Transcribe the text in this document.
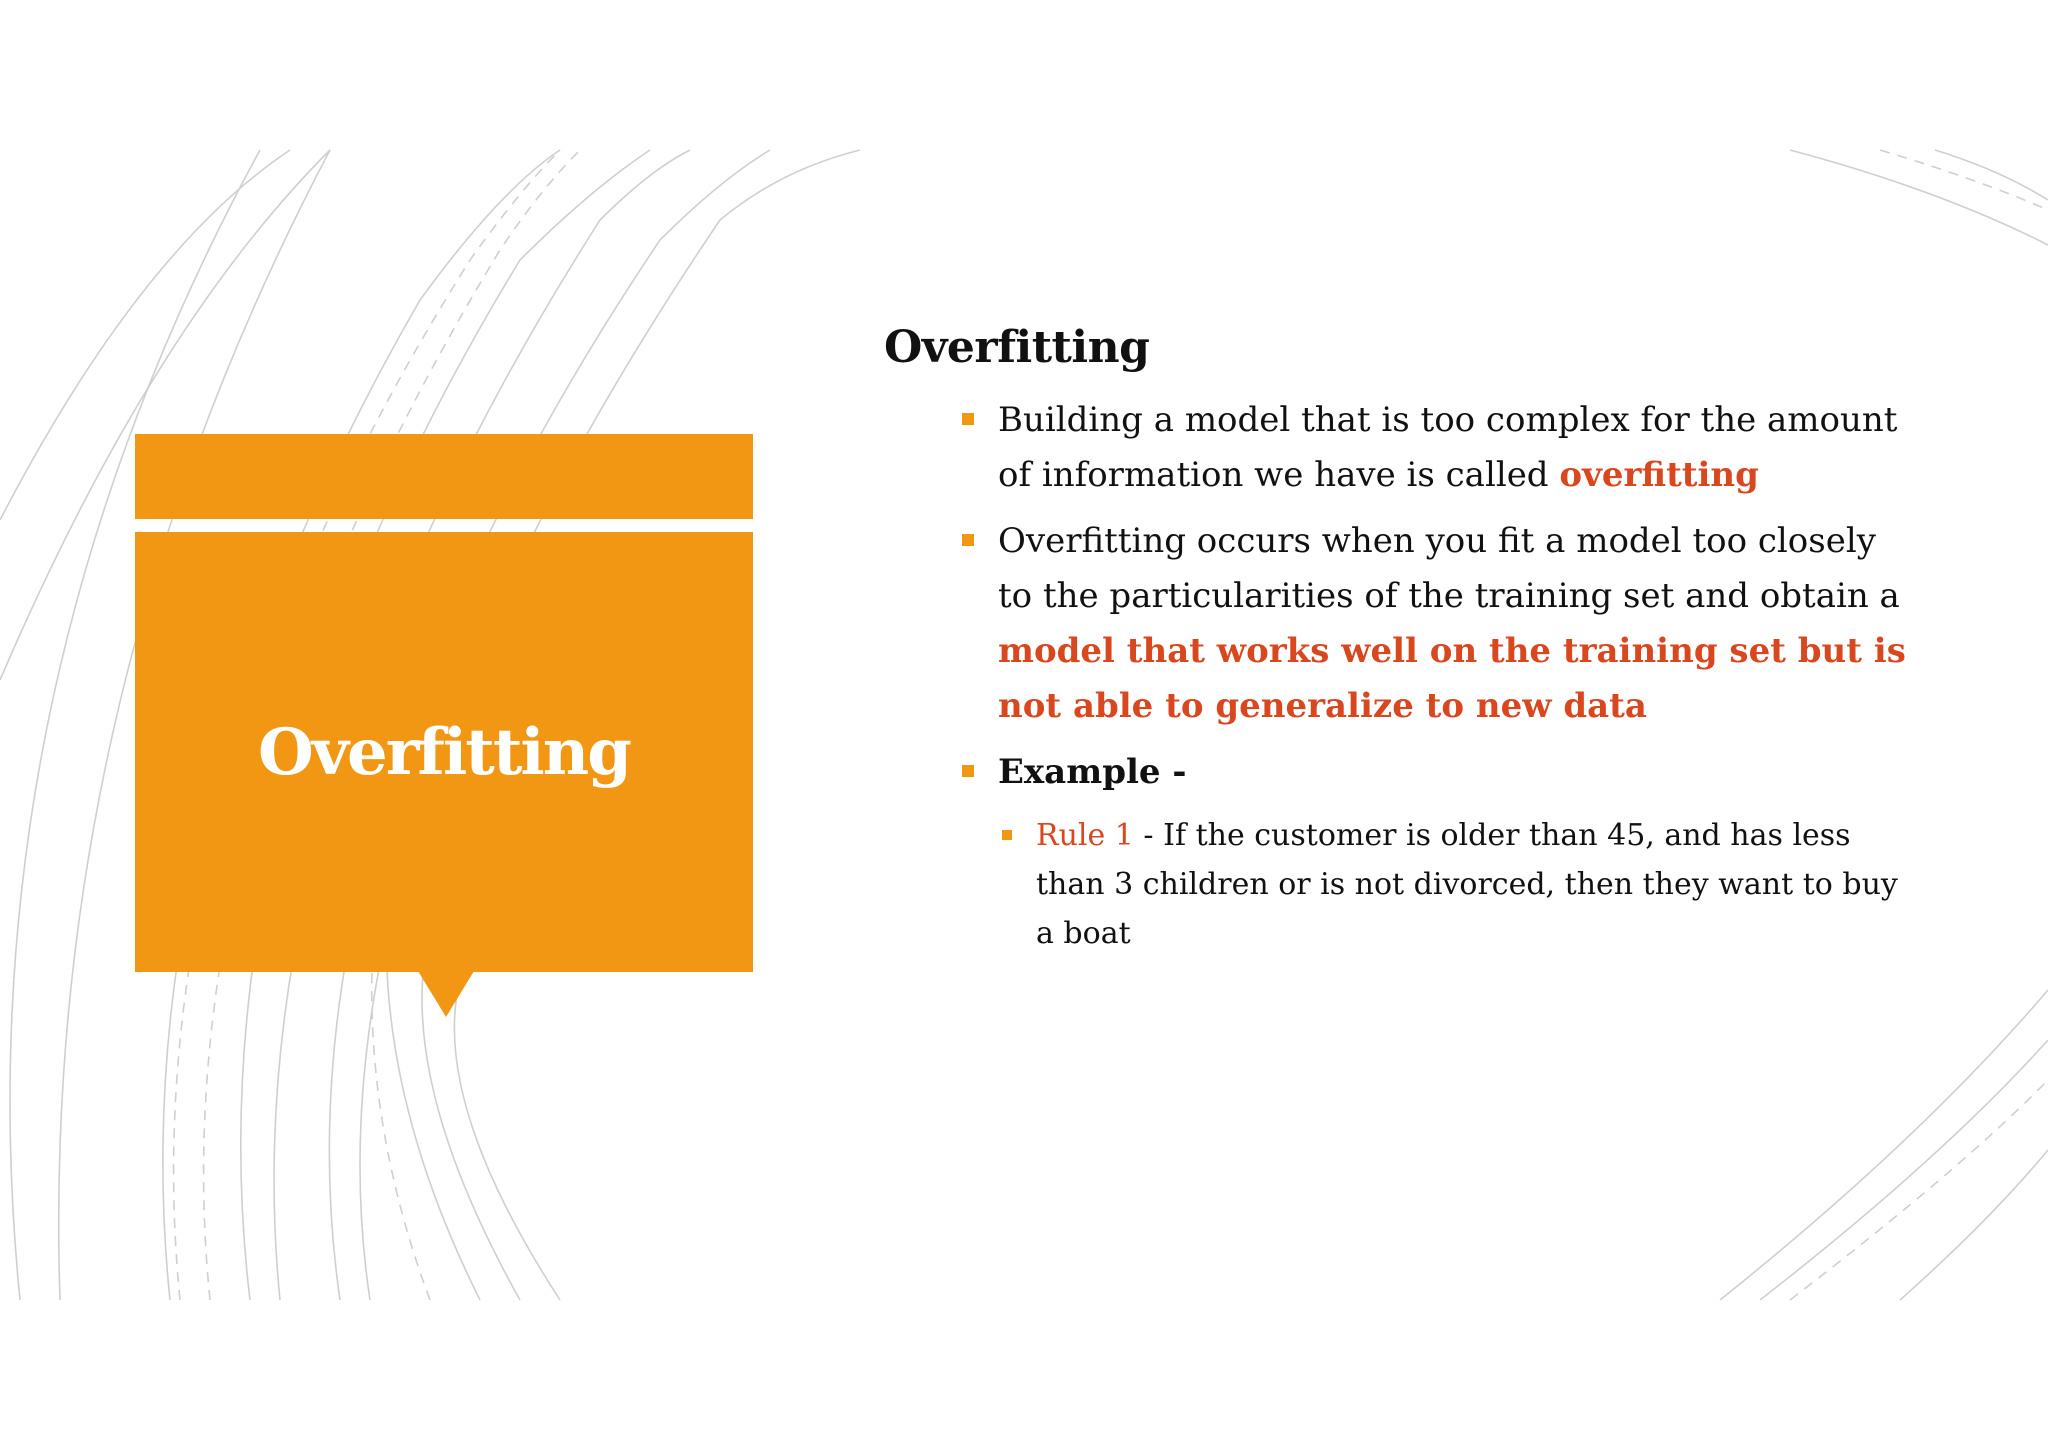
Overfitting
Overfitting
Building a model that is too complex for the amount of information we have is called overfitting
Overfitting occurs when you fit a model too closely to the particularities of the training set and obtain a model that works well on the training set but is not able to generalize to new data
Example -
Rule 1 - If the customer is older than 45, and has less than 3 children or is not divorced, then they want to buy a boat
